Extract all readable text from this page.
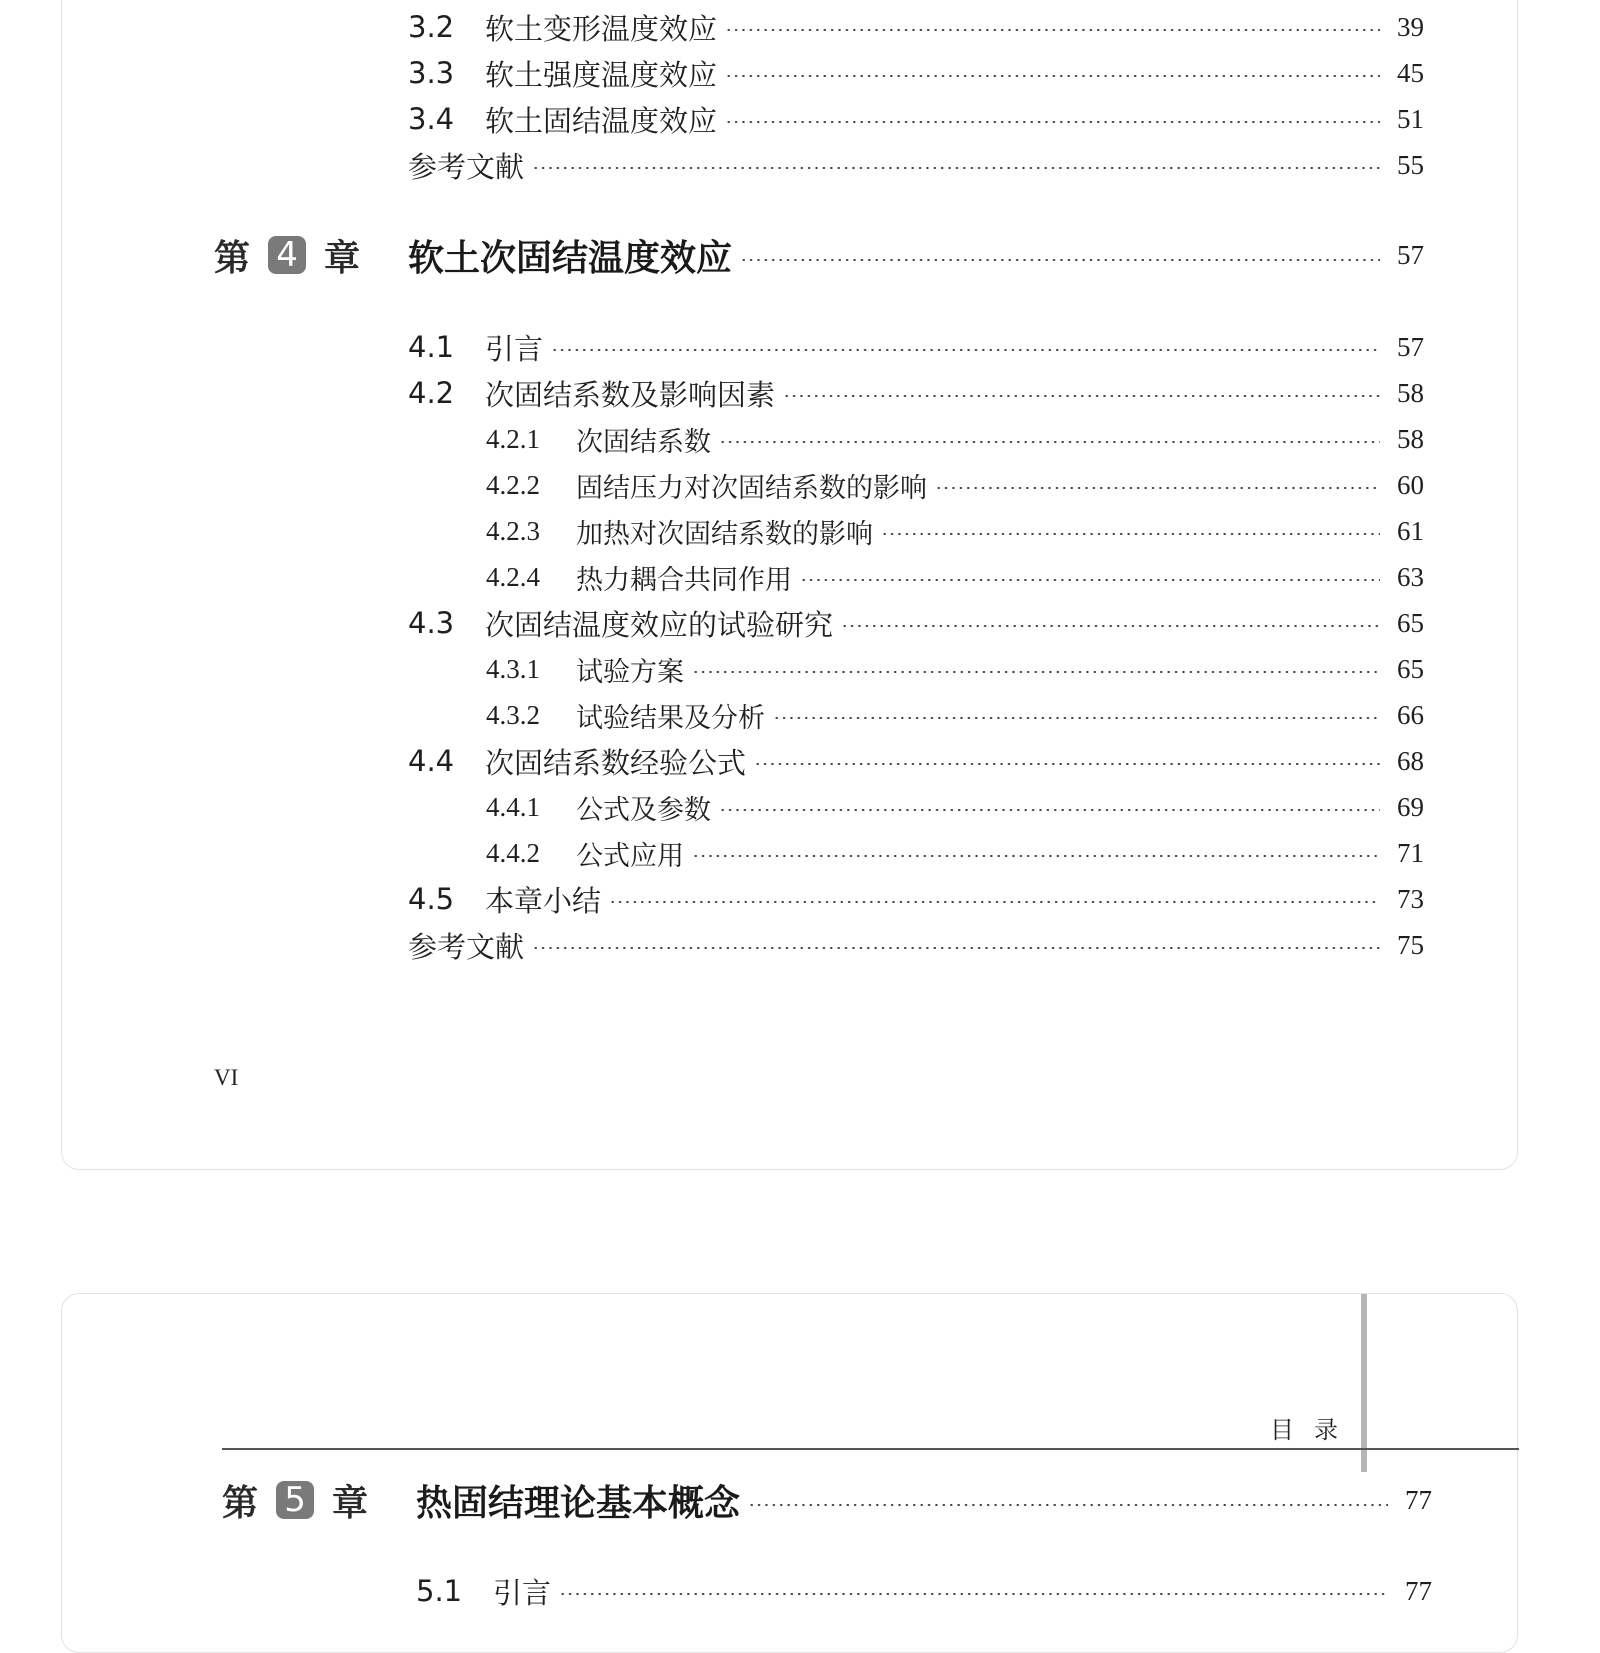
3.2	软土变形温度效应	39
3.3	软土强度温度效应	45
3.4	软土固结温度效应	51
参考文献	55
第 4 章 软土次固结温度效应	57
4.1	引言	57
4.2	次固结系数及影响因素	58
4.2.1	次固结系数	58
4.2.2	固结压力对次固结系数的影响	60
4.2.3	加热对次固结系数的影响	61
4.2.4	热力耦合共同作用	63
4.3	次固结温度效应的试验研究	65
4.3.1	试验方案	65
4.3.2	试验结果及分析	66
4.4	次固结系数经验公式	68
4.4.1	公式及参数	69
4.4.2	公式应用	71
4.5	本章小结	73
参考文献	75
VI
目录
第 5 章 热固结理论基本概念	77
5.1	引言	77
